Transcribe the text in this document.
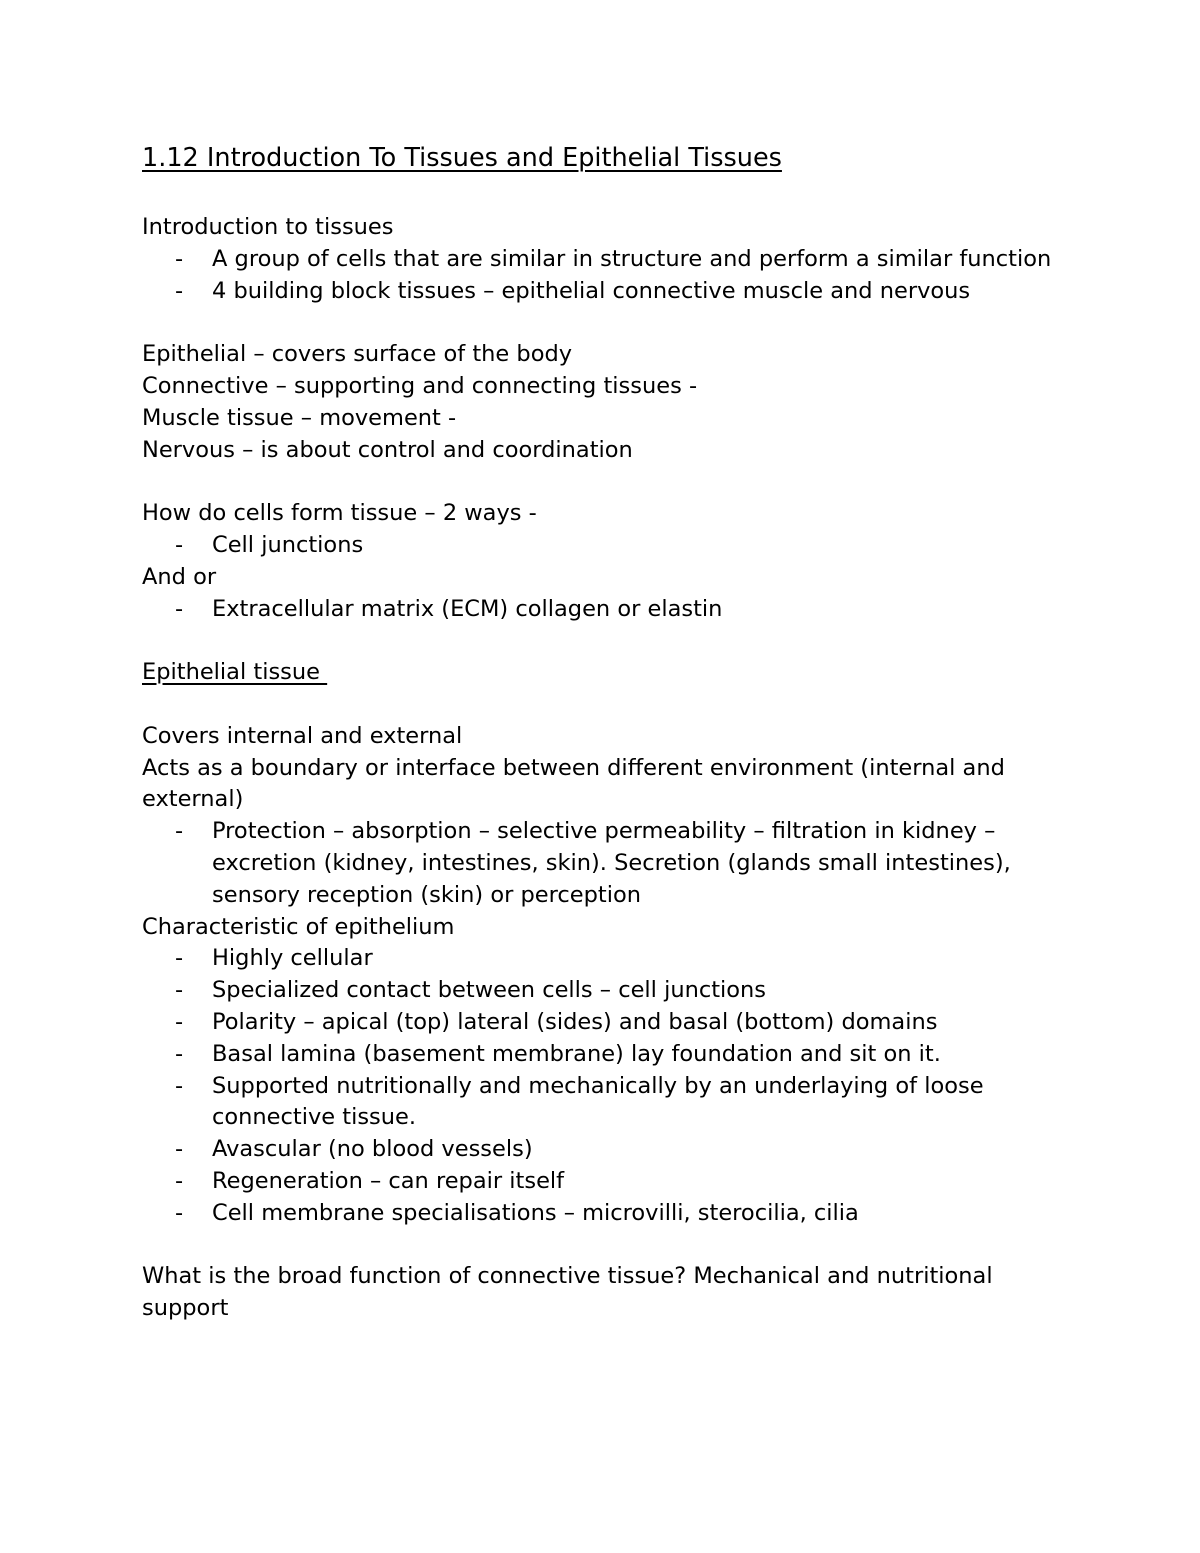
1.12 Introduction To Tissues and Epithelial Tissues

Introduction to tissues

- A group of cells that are similar in structure and perform a similar function
- 4 building block tissues – epithelial connective muscle and nervous

Epithelial – covers surface of the body

Connective – supporting and connecting tissues -

Muscle tissue – movement -

Nervous – is about control and coordination

How do cells form tissue – 2 ways -

- Cell junctions

And or

- Extracellular matrix (ECM) collagen or elastin

Epithelial tissue

Covers internal and external

Acts as a boundary or interface between different environment (internal and external)

- Protection – absorption – selective permeability – filtration in kidney – excretion (kidney, intestines, skin). Secretion (glands small intestines), sensory reception (skin) or perception

Characteristic of epithelium

- Highly cellular
- Specialized contact between cells – cell junctions
- Polarity – apical (top) lateral (sides) and basal (bottom) domains
- Basal lamina (basement membrane) lay foundation and sit on it.
- Supported nutritionally and mechanically by an underlaying of loose connective tissue.
- Avascular (no blood vessels)
- Regeneration – can repair itself
- Cell membrane specialisations – microvilli, sterocilia, cilia

What is the broad function of connective tissue? Mechanical and nutritional support
